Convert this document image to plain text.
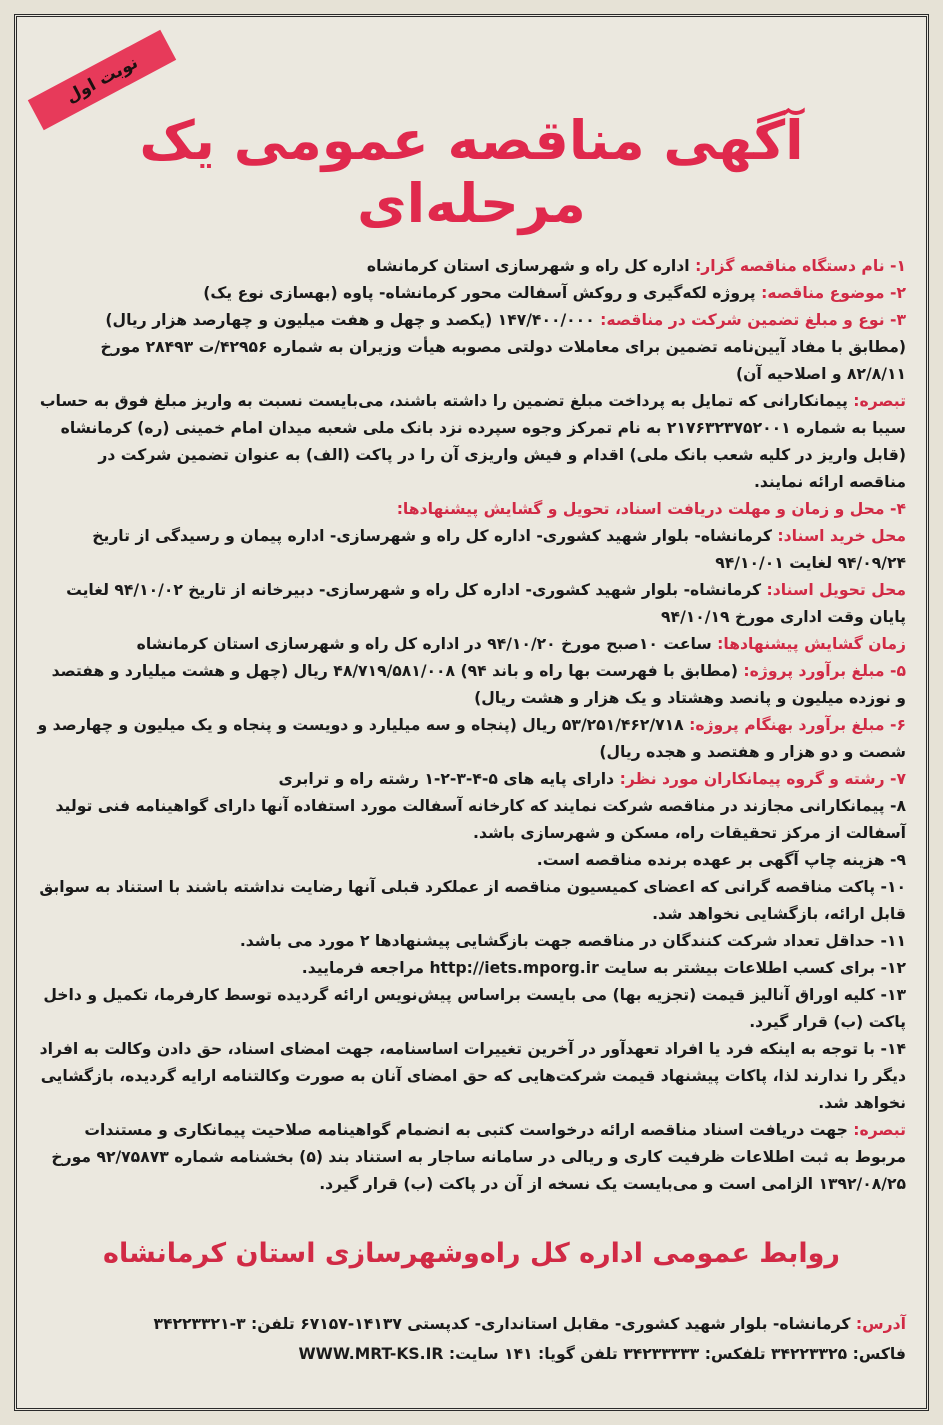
نوبت اول
آگهی مناقصه عمومی یک مرحله‌ای

۱- نام دستگاه مناقصه گزار: اداره کل راه و شهرسازی استان کرمانشاه

۲- موضوع مناقصه: پروژه لکه‌گیری و روکش آسفالت محور کرمانشاه- پاوه (بهسازی نوع یک)

۳- نوع و مبلغ تضمین شرکت در مناقصه: ۱۴۷/۴۰۰/۰۰۰ (یکصد و چهل و هفت میلیون و چهارصد هزار ریال)

(مطابق با مفاد آیین‌نامه تضمین برای معاملات دولتی مصوبه هیأت وزیران به شماره ۴۲۹۵۶/ت ۲۸۴۹۳ مورخ ۸۲/۸/۱۱ و اصلاحیه آن)

تبصره: پیمانکارانی که تمایل به پرداخت مبلغ تضمین را داشته باشند، می‌بایست نسبت به واریز مبلغ فوق به حساب سیبا به شماره ۲۱۷۶۳۲۳۷۵۲۰۰۱ به نام تمرکز وجوه سپرده نزد بانک ملی شعبه میدان امام خمینی (ره) کرمانشاه (قابل واریز در کلیه شعب بانک ملی) اقدام و فیش واریزی آن را در پاکت (الف) به عنوان تضمین شرکت در مناقصه ارائه نمایند.

۴- محل و زمان و مهلت دریافت اسناد، تحویل و گشایش پیشنهادها:

محل خرید اسناد: کرمانشاه- بلوار شهید کشوری- اداره کل راه و شهرسازی- اداره پیمان و رسیدگی از تاریخ ۹۴/۰۹/۲۴ لغایت ۹۴/۱۰/۰۱

محل تحویل اسناد: کرمانشاه- بلوار شهید کشوری- اداره کل راه و شهرسازی- دبیرخانه از تاریخ ۹۴/۱۰/۰۲ لغایت پایان وقت اداری مورخ ۹۴/۱۰/۱۹

زمان گشایش پیشنهادها: ساعت ۱۰صبح مورخ ۹۴/۱۰/۲۰ در اداره کل راه و شهرسازی استان کرمانشاه

۵- مبلغ برآورد پروژه: (مطابق با فهرست بها راه و باند ۹۴) ۴۸/۷۱۹/۵۸۱/۰۰۸ ریال (چهل و هشت میلیارد و هفتصد و نوزده میلیون و پانصد وهشتاد و یک هزار و هشت ریال)

۶- مبلغ برآورد بهنگام پروژه: ۵۳/۲۵۱/۴۶۲/۷۱۸ ریال (پنجاه و سه میلیارد و دویست و پنجاه و یک میلیون و چهارصد و شصت و دو هزار و هفتصد و هجده ریال)

۷- رشته و گروه پیمانکاران مورد نظر: دارای پایه های ۵-۴-۳-۲-۱ رشته راه و ترابری

۸- پیمانکارانی مجازند در مناقصه شرکت نمایند که کارخانه آسفالت مورد استفاده آنها دارای گواهینامه فنی تولید آسفالت از مرکز تحقیقات راه، مسکن و شهرسازی باشد.

۹- هزینه چاپ آگهی بر عهده برنده مناقصه است.

۱۰- پاکت مناقصه گرانی که اعضای کمیسیون مناقصه از عملکرد قبلی آنها رضایت نداشته باشند با استناد به سوابق قابل ارائه، بازگشایی نخواهد شد.

۱۱- حداقل تعداد شرکت کنندگان در مناقصه جهت بازگشایی پیشنهادها ۲ مورد می باشد.

۱۲- برای کسب اطلاعات بیشتر به سایت http://iets.mporg.ir مراجعه فرمایید.

۱۳- کلیه اوراق آنالیز قیمت (تجزیه بها) می بایست براساس پیش‌نویس ارائه گردیده توسط کارفرما، تکمیل و داخل پاکت (ب) قرار گیرد.

۱۴- با توجه به اینکه فرد یا افراد تعهدآور در آخرین تغییرات اساسنامه، جهت امضای اسناد، حق دادن وکالت به افراد دیگر را ندارند لذا، پاکات پیشنهاد قیمت شرکت‌هایی که حق امضای آنان به صورت وکالتنامه ارایه گردیده، بازگشایی نخواهد شد.

تبصره: جهت دریافت اسناد مناقصه ارائه درخواست کتبی به انضمام گواهینامه صلاحیت پیمانکاری و مستندات مربوط به ثبت اطلاعات ظرفیت کاری و ریالی در سامانه ساجار به استناد بند (۵) بخشنامه شماره ۹۲/۷۵۸۷۳ مورخ ۱۳۹۲/۰۸/۲۵ الزامی است و می‌بایست یک نسخه از آن در پاکت (ب) قرار گیرد.

روابط عمومی اداره کل راه‌وشهرسازی استان کرمانشاه

آدرس: کرمانشاه- بلوار شهید کشوری- مقابل استانداری- کدپستی ۱۴۱۳۷-۶۷۱۵۷ تلفن: ۳-۳۴۲۲۳۳۲۱

فاکس: ۳۴۲۲۳۳۲۵ تلفکس: ۳۴۲۳۳۳۳۳ تلفن گویا: ۱۴۱ سایت: WWW.MRT-KS.IR
